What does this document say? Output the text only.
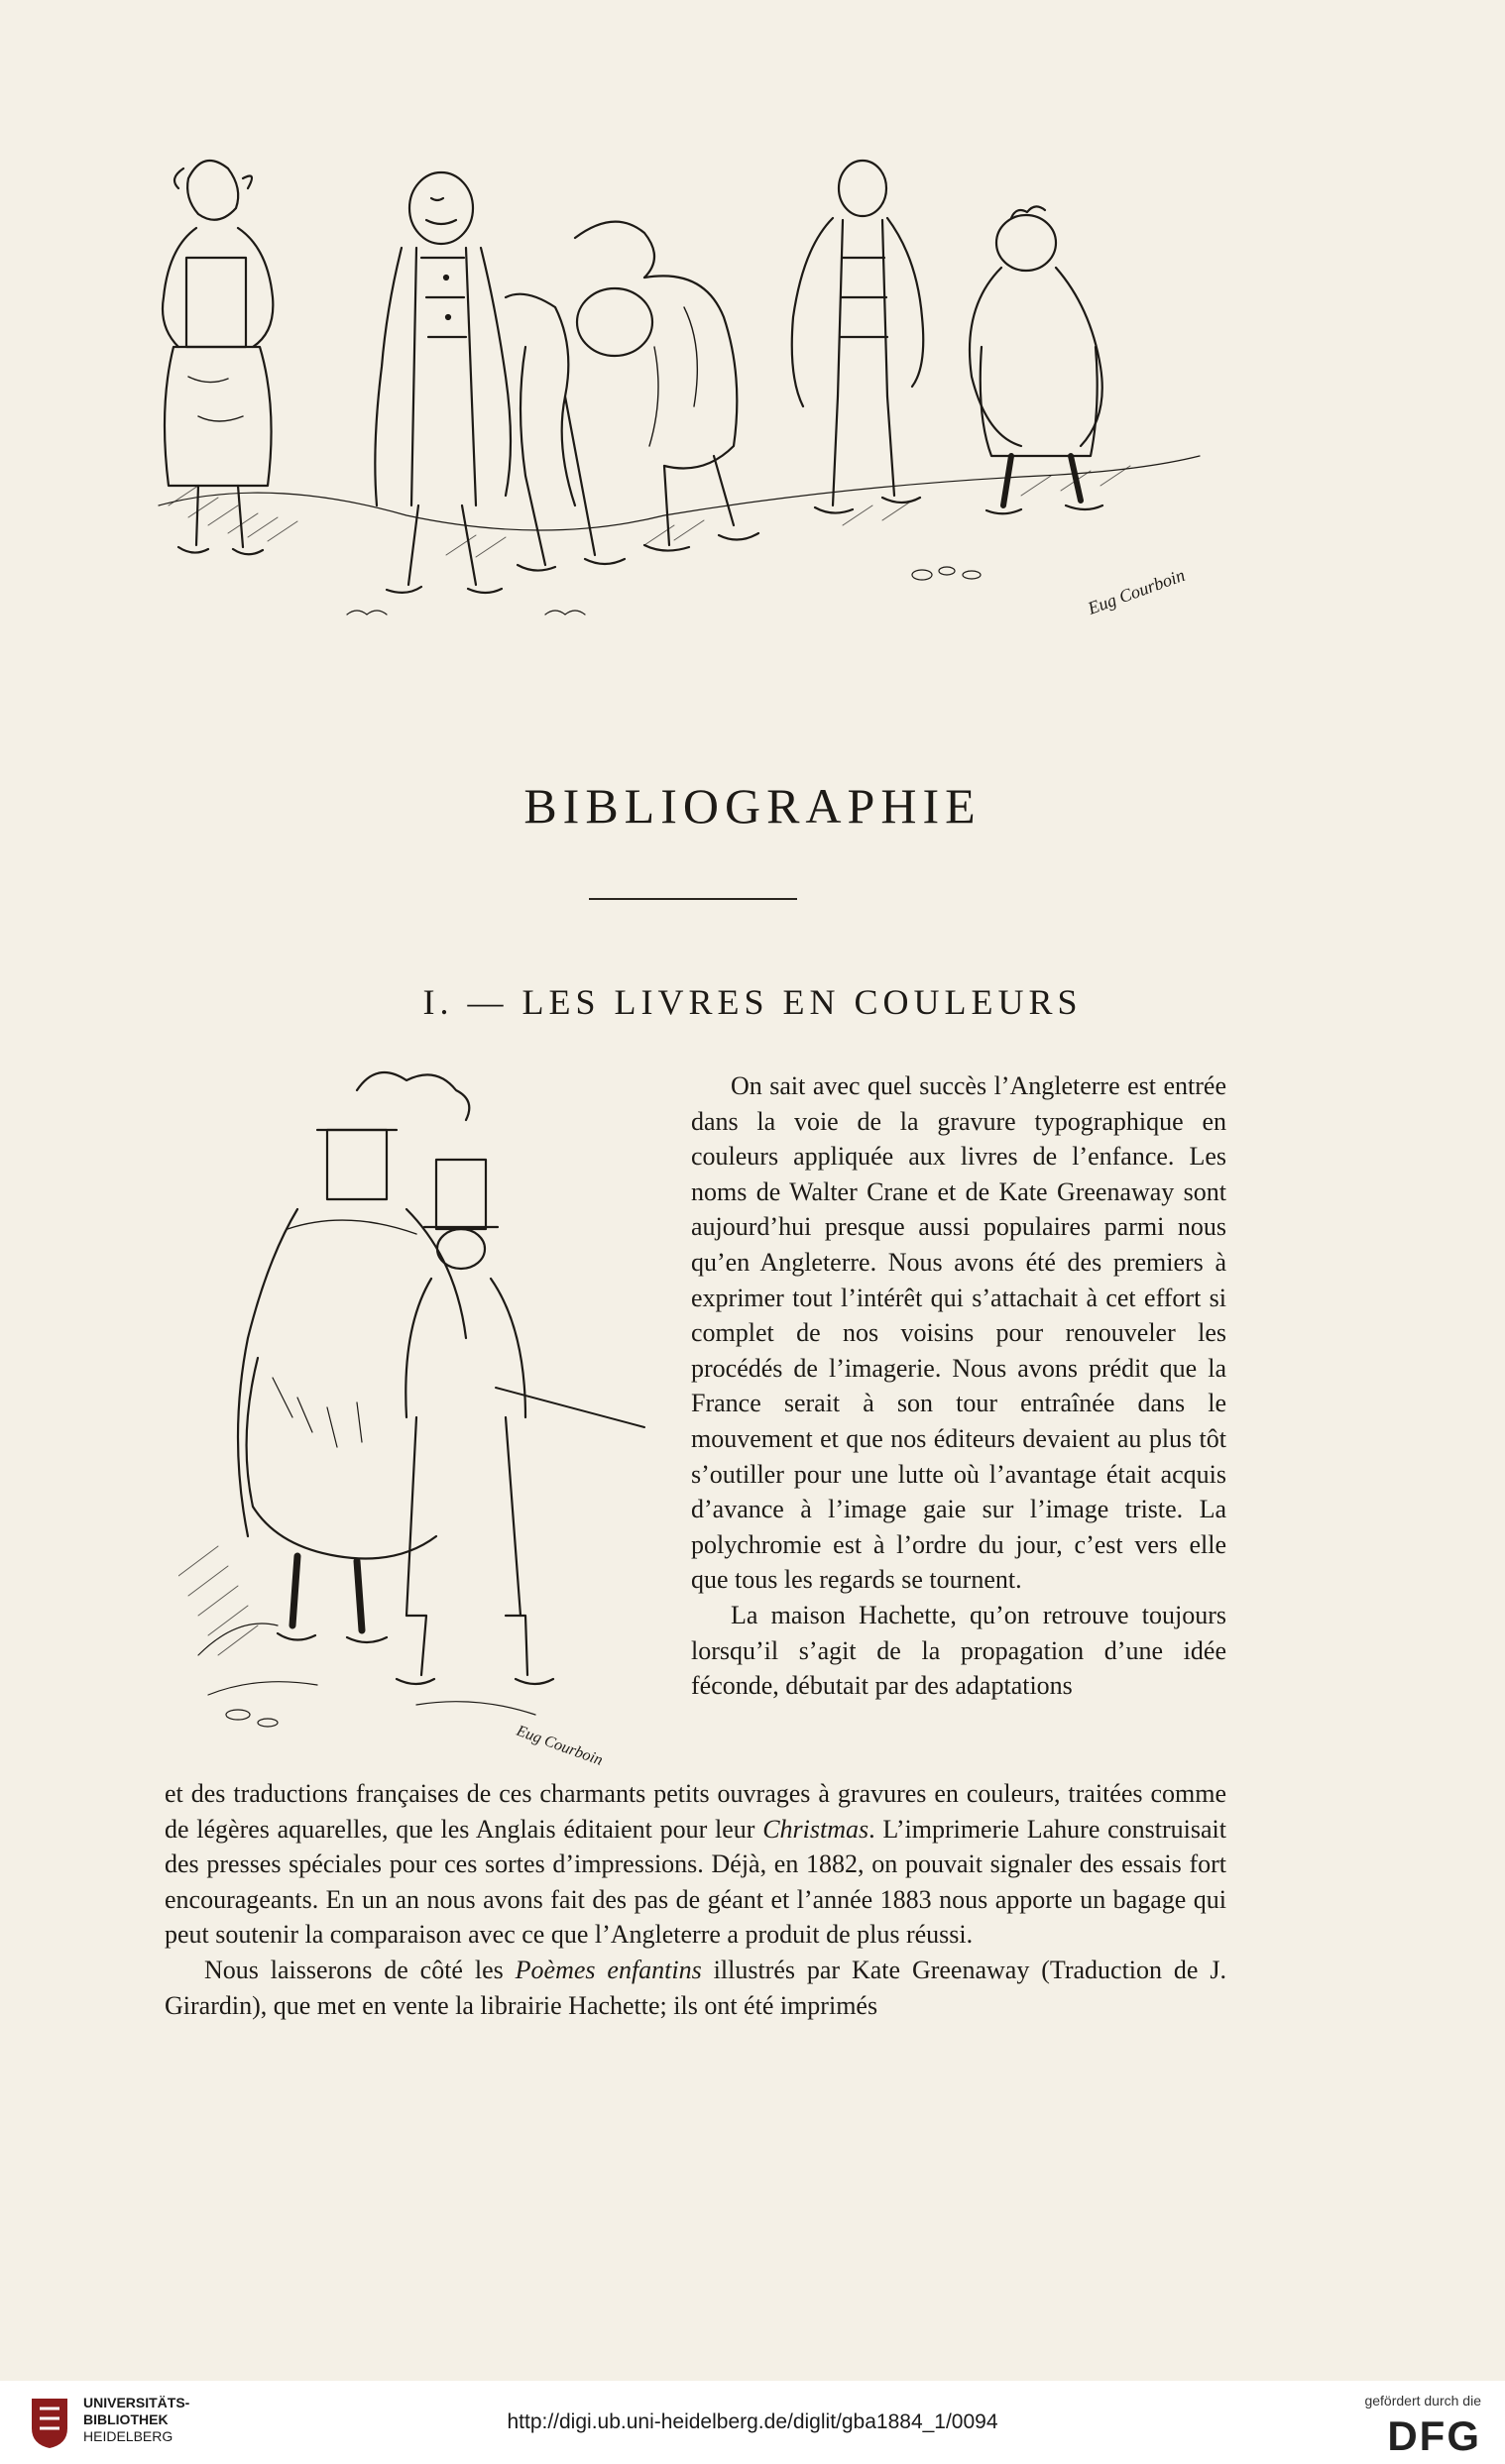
Eug Courboin
BIBLIOGRAPHIE
I. — LES LIVRES EN COULEURS
Eug Courboin

On sait avec quel succès l’Angleterre est entrée dans la voie de la gravure typographique en couleurs appliquée aux livres de l’enfance. Les noms de Walter Crane et de Kate Greenaway sont aujourd’hui presque aussi populaires parmi nous qu’en Angleterre. Nous avons été des premiers à exprimer tout l’intérêt qui s’attachait à cet effort si complet de nos voisins pour renouveler les procédés de l’imagerie. Nous avons prédit que la France serait à son tour entraînée dans le mouvement et que nos éditeurs devaient au plus tôt s’outiller pour une lutte où l’avantage était acquis d’avance à l’image gaie sur l’image triste. La polychromie est à l’ordre du jour, c’est vers elle que tous les regards se tournent.

La maison Hachette, qu’on retrouve toujours lorsqu’il s’agit de la propagation d’une idée féconde, débutait par des adaptations

et des traductions françaises de ces charmants petits ouvrages à gravures en couleurs, traitées comme de légères aquarelles, que les Anglais éditaient pour leur Christmas. L’imprimerie Lahure construisait des presses spéciales pour ces sortes d’impressions. Déjà, en 1882, on pouvait signaler des essais fort encourageants. En un an nous avons fait des pas de géant et l’année 1883 nous apporte un bagage qui peut soutenir la comparaison avec ce que l’Angleterre a produit de plus réussi.

Nous laisserons de côté les Poèmes enfantins illustrés par Kate Greenaway (Traduction de J. Girardin), que met en vente la librairie Hachette; ils ont été imprimés

UNIVERSITÄTS-
BIBLIOTHEK
HEIDELBERG
http://digi.ub.uni-heidelberg.de/diglit/gba1884_1/0094
gefördert durch die
DFG
